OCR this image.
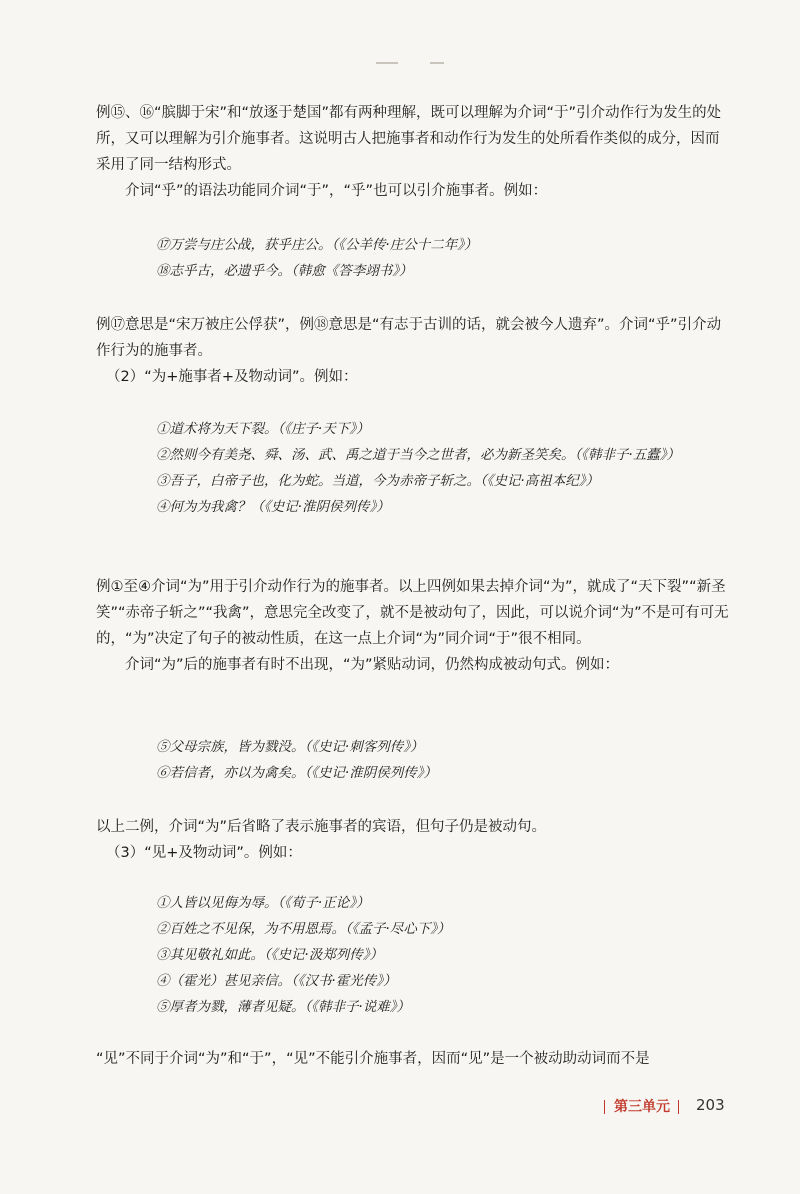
例⑮、⑯“膑脚于宋”和“放逐于楚国”都有两种理解，既可以理解为介词“于”引介动作行为发生的处所，又可以理解为引介施事者。这说明古人把施事者和动作行为发生的处所看作类似的成分，因而采用了同一结构形式。

介词“乎”的语法功能同介词“于”，“乎”也可以引介施事者。例如：

⑰万尝与庄公战，获乎庄公。（《公羊传·庄公十二年》）

⑱志乎古，必遗乎今。（韩愈《答李翊书》）

例⑰意思是“宋万被庄公俘获”，例⑱意思是“有志于古训的话，就会被今人遗弃”。介词“乎”引介动作行为的施事者。

（2）“为+施事者+及物动词”。例如：

①道术将为天下裂。（《庄子·天下》）

②然则今有美尧、舜、汤、武、禹之道于当今之世者，必为新圣笑矣。（《韩非子·五蠹》）

③吾子，白帝子也，化为蛇。当道，今为赤帝子斩之。（《史记·高祖本纪》）

④何为为我禽？（《史记·淮阴侯列传》）

例①至④介词“为”用于引介动作行为的施事者。以上四例如果去掉介词“为”，就成了“天下裂”“新圣笑”“赤帝子斩之”“我禽”，意思完全改变了，就不是被动句了，因此，可以说介词“为”不是可有可无的，“为”决定了句子的被动性质，在这一点上介词“为”同介词“于”很不相同。

介词“为”后的施事者有时不出现，“为”紧贴动词，仍然构成被动句式。例如：

⑤父母宗族，皆为戮没。（《史记·刺客列传》）

⑥若信者，亦以为禽矣。（《史记·淮阴侯列传》）

以上二例，介词“为”后省略了表示施事者的宾语，但句子仍是被动句。

（3）“见+及物动词”。例如：

①人皆以见侮为辱。（《荀子·正论》）

②百姓之不见保，为不用恩焉。（《孟子·尽心下》）

③其见敬礼如此。（《史记·汲郑列传》）

④（霍光）甚见亲信。（《汉书·霍光传》）

⑤厚者为戮，薄者见疑。（《韩非子·说难》）

“见”不同于介词“为”和“于”，“见”不能引介施事者，因而“见”是一个被动助动词而不是

第三单元 203
